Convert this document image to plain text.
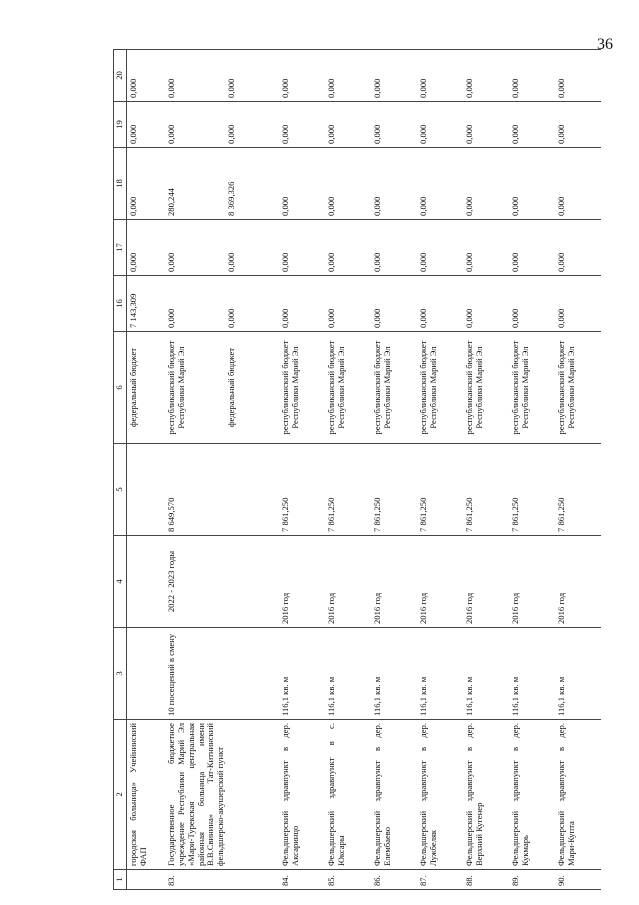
36
1	2	3	4	5	6	16	17	18	19	20
	городская больница» Учейнинский ФАП				федеральный бюджет	7 143,309	0,000	0,000	0,000	0,000
83.	Государственное бюджетное учреждение Республики Марий Эл «Мари-Турекская центральная районная больница имени В.В.Свинина» Тат-Китнинский фельдшерско-акушерский пункт	10 посещений в смену	2022 - 2023 годы	8 649,570	республиканский бюджет Республики Марий Эл	0,000	0,000	280,244	0,000	0,000
					федеральный бюджет	0,000	0,000	8 369,326	0,000	0,000
84.	Фельдшерский здравпункт в дер. Аксаринцо	116,1 кв. м	2016 год	7 861,250	республиканский бюджет Республики Марий Эл	0,000	0,000	0,000	0,000	0,000
85.	Фельдшерский здравпункт в с. Юксары	116,1 кв. м	2016 год	7 861,250	республиканский бюджет Республики Марий Эл	0,000	0,000	0,000	0,000	0,000
86.	Фельдшерский здравпункт в дер. Елембаево	116,1 кв. м	2016 год	7 861,250	республиканский бюджет Республики Марий Эл	0,000	0,000	0,000	0,000	0,000
87.	Фельдшерский здравпункт в дер. Лужбеляк	116,1 кв. м	2016 год	7 861,250	республиканский бюджет Республики Марий Эл	0,000	0,000	0,000	0,000	0,000
88.	Фельдшерский здравпункт в дер. Верхний Кугенер	116,1 кв. м	2016 год	7 861,250	республиканский бюджет Республики Марий Эл	0,000	0,000	0,000	0,000	0,000
89.	Фельдшерский здравпункт в дер. Кукмарь	116,1 кв. м	2016 год	7 861,250	республиканский бюджет Республики Марий Эл	0,000	0,000	0,000	0,000	0,000
90.	Фельдшерский здравпункт в дер. Мари-Купта	116,1 кв. м	2016 год	7 861,250	республиканский бюджет Республики Марий Эл	0,000	0,000	0,000	0,000	0,000
